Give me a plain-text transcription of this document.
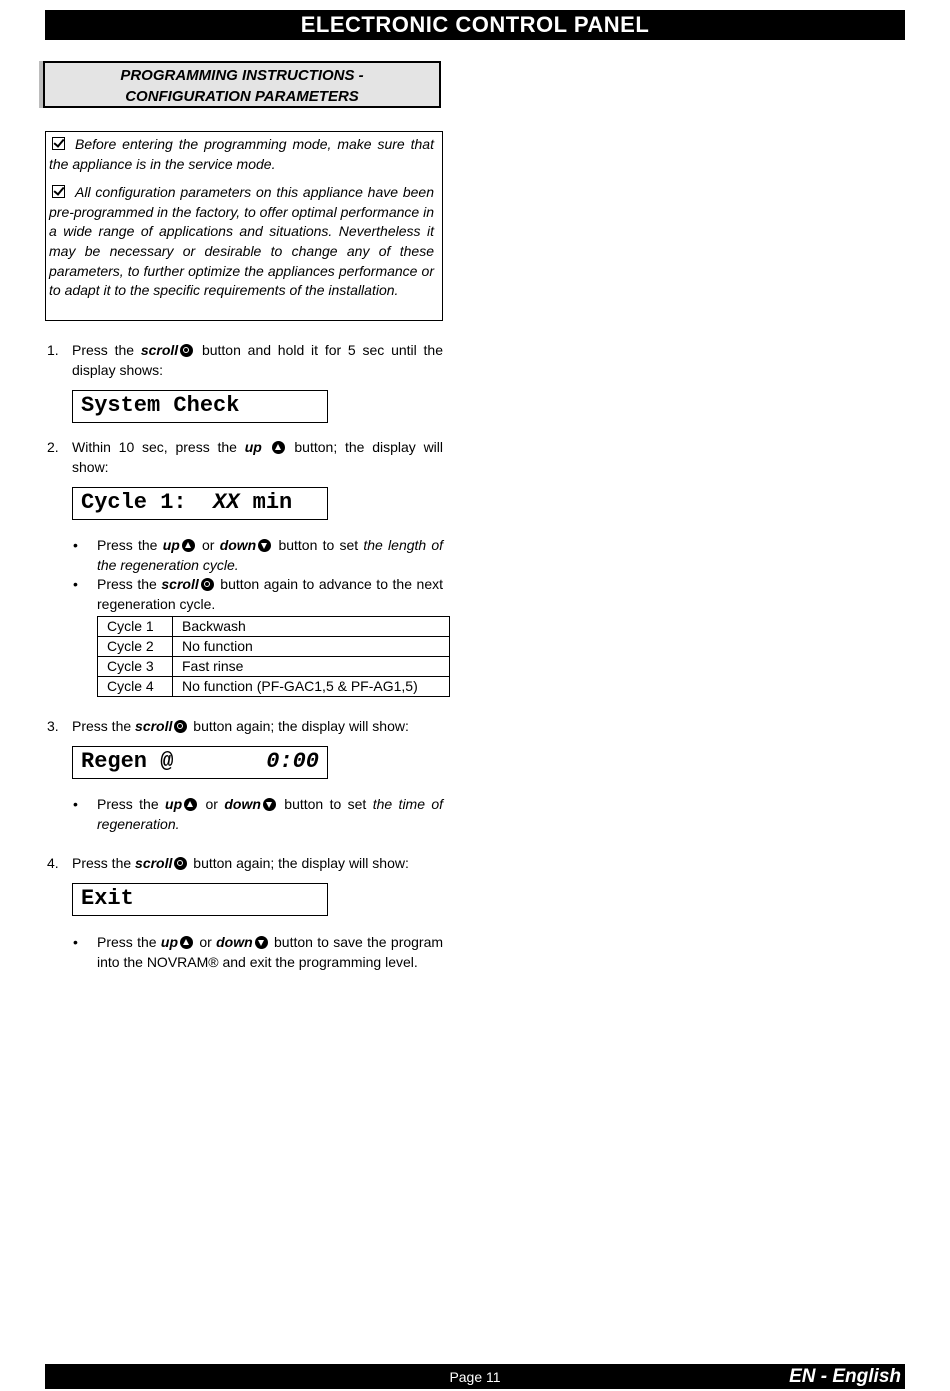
ELECTRONIC CONTROL PANEL
PROGRAMMING INSTRUCTIONS -
CONFIGURATION PARAMETERS

Before entering the programming mode, make sure that the appliance is in the service mode.

All configuration parameters on this appliance have been pre-programmed in the factory, to offer optimal performance in a wide range of applications and situations. Nevertheless it may be necessary or desirable to change any of these parameters, to further optimize the appliances performance or to adapt it to the specific requirements of the installation.

1. Press the scroll button and hold it for 5 sec until the display shows:
System Check
2. Within 10 sec, press the up button; the display will show:
Cycle 1:  XX min
• Press the up or down button to set the length of the regeneration cycle.
• Press the scroll button again to advance to the next regeneration cycle.
Cycle 1	Backwash
Cycle 2	No function
Cycle 3	Fast rinse
Cycle 4	No function (PF-GAC1,5 & PF-AG1,5)
3. Press the scroll button again; the display will show:
Regen @	0:00
• Press the up or down button to set the time of regeneration.
4. Press the scroll button again; the display will show:
Exit
• Press the up or down button to save the program into the NOVRAM® and exit the programming level.
Page 11	EN - English
